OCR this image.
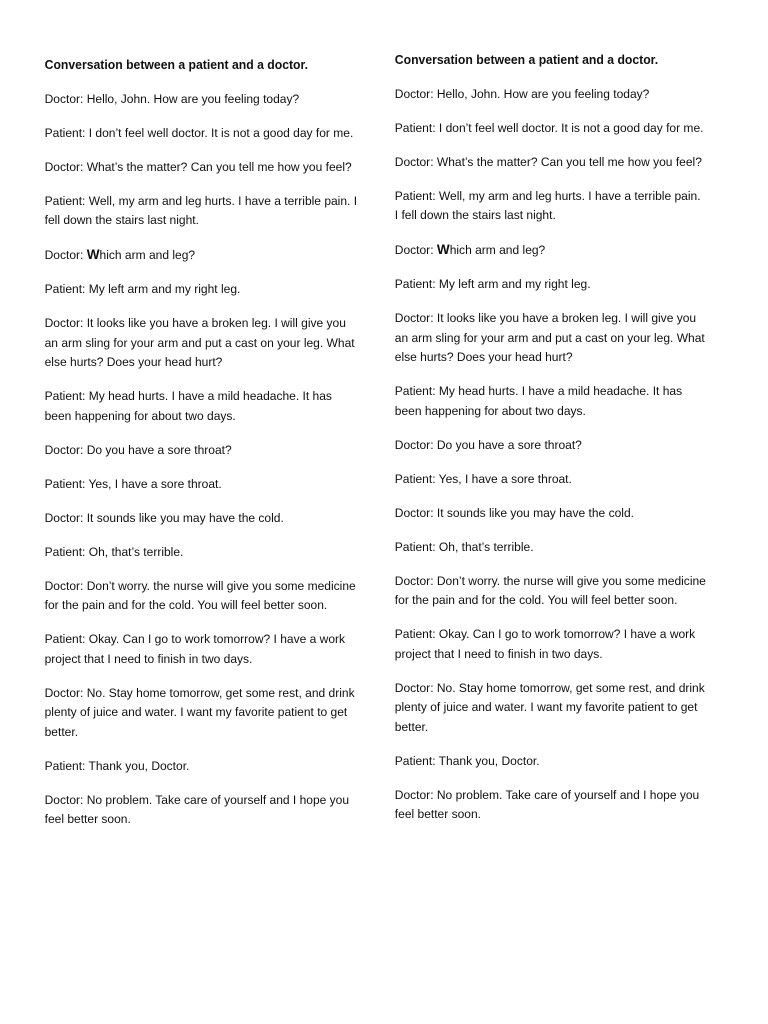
Conversation between a patient and a doctor.

Doctor: Hello, John. How are you feeling today?

Patient: I don’t feel well doctor. It is not a good day for me.

Doctor: What’s the matter? Can you tell me how you feel?

Patient: Well, my arm and leg hurts. I have a terrible pain. I fell down the stairs last night.

Doctor: Which arm and leg?

Patient: My left arm and my right leg.

Doctor: It looks like you have a broken leg. I will give you an arm sling for your arm and put a cast on your leg. What else hurts? Does your head hurt?

Patient: My head hurts. I have a mild headache. It has been happening for about two days.

Doctor: Do you have a sore throat?

Patient: Yes, I have a sore throat.

Doctor: It sounds like you may have the cold.

Patient: Oh, that’s terrible.

Doctor: Don’t worry. the nurse will give you some medicine for the pain and for the cold. You will feel better soon.

Patient: Okay. Can I go to work tomorrow? I have a work project that I need to finish in two days.

Doctor: No. Stay home tomorrow, get some rest, and drink plenty of juice and water. I want my favorite patient to get better.

Patient: Thank you, Doctor.

Doctor: No problem. Take care of yourself and I hope you feel better soon.

Conversation between a patient and a doctor.

Doctor: Hello, John. How are you feeling today?

Patient: I don’t feel well doctor. It is not a good day for me.

Doctor: What’s the matter? Can you tell me how you feel?

Patient: Well, my arm and leg hurts. I have a terrible pain. I fell down the stairs last night.

Doctor: Which arm and leg?

Patient: My left arm and my right leg.

Doctor: It looks like you have a broken leg. I will give you an arm sling for your arm and put a cast on your leg. What else hurts? Does your head hurt?

Patient: My head hurts. I have a mild headache. It has been happening for about two days.

Doctor: Do you have a sore throat?

Patient: Yes, I have a sore throat.

Doctor: It sounds like you may have the cold.

Patient: Oh, that’s terrible.

Doctor: Don’t worry. the nurse will give you some medicine for the pain and for the cold. You will feel better soon.

Patient: Okay. Can I go to work tomorrow? I have a work project that I need to finish in two days.

Doctor: No. Stay home tomorrow, get some rest, and drink plenty of juice and water. I want my favorite patient to get better.

Patient: Thank you, Doctor.

Doctor: No problem. Take care of yourself and I hope you feel better soon.
